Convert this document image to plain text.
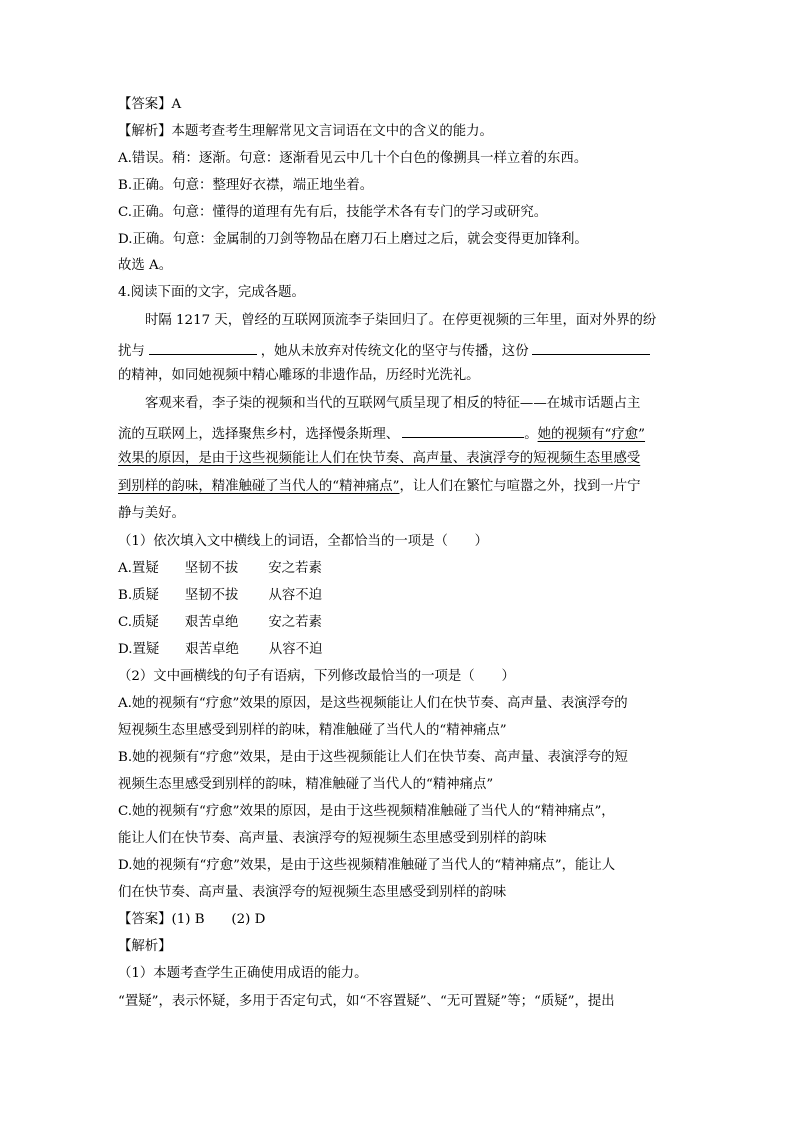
【答案】A
【解析】本题考查考生理解常见文言词语在文中的含义的能力。
A.错误。稍：逐渐。句意：逐渐看见云中几十个白色的像搠具一样立着的东西。
B.正确。句意：整理好衣襟，端正地坐着。
C.正确。句意：懂得的道理有先有后，技能学术各有专门的学习或研究。
D.正确。句意：金属制的刀剑等物品在磨刀石上磨过之后，就会变得更加锋利。
故选 A。
4.阅读下面的文字，完成各题。
时隔 1217 天，曾经的互联网顶流李子柒回归了。在停更视频的三年里，面对外界的纷
扰与	，她从未放弃对传统文化的坚守与传播，这份
的精神，如同她视频中精心雕琢的非遗作品，历经时光洗礼。
客观来看，李子柒的视频和当代的互联网气质呈现了相反的特征——在城市话题占主
流的互联网上，选择聚焦乡村，选择慢条斯理、	。她的视频有“疗愈”
效果的原因，是由于这些视频能让人们在快节奏、高声量、表演浮夸的短视频生态里感受
到别样的韵味，精准触碰了当代人的“精神痛点”，让人们在繁忙与喧嚣之外，找到一片宁
静与美好。
（1）依次填入文中横线上的词语，全都恰当的一项是（　　）
A.置疑 坚韧不拔 安之若素
B.质疑 坚韧不拔 从容不迫
C.质疑 艰苦卓绝 安之若素
D.置疑 艰苦卓绝 从容不迫
（2）文中画横线的句子有语病，下列修改最恰当的一项是（　　）
A.她的视频有“疗愈”效果的原因，是这些视频能让人们在快节奏、高声量、表演浮夸的
短视频生态里感受到别样的韵味，精准触碰了当代人的“精神痛点”
B.她的视频有“疗愈”效果，是由于这些视频能让人们在快节奏、高声量、表演浮夸的短
视频生态里感受到别样的韵味，精准触碰了当代人的“精神痛点”
C.她的视频有“疗愈”效果的原因，是由于这些视频精准触碰了当代人的“精神痛点”，
能让人们在快节奏、高声量、表演浮夸的短视频生态里感受到别样的韵味
D.她的视频有“疗愈”效果，是由于这些视频精准触碰了当代人的“精神痛点”，能让人
们在快节奏、高声量、表演浮夸的短视频生态里感受到别样的韵味
【答案】(1) B　　(2) D
【解析】
（1）本题考查学生正确使用成语的能力。
“置疑”，表示怀疑，多用于否定句式，如“不容置疑”、“无可置疑”等；“质疑”，提出
